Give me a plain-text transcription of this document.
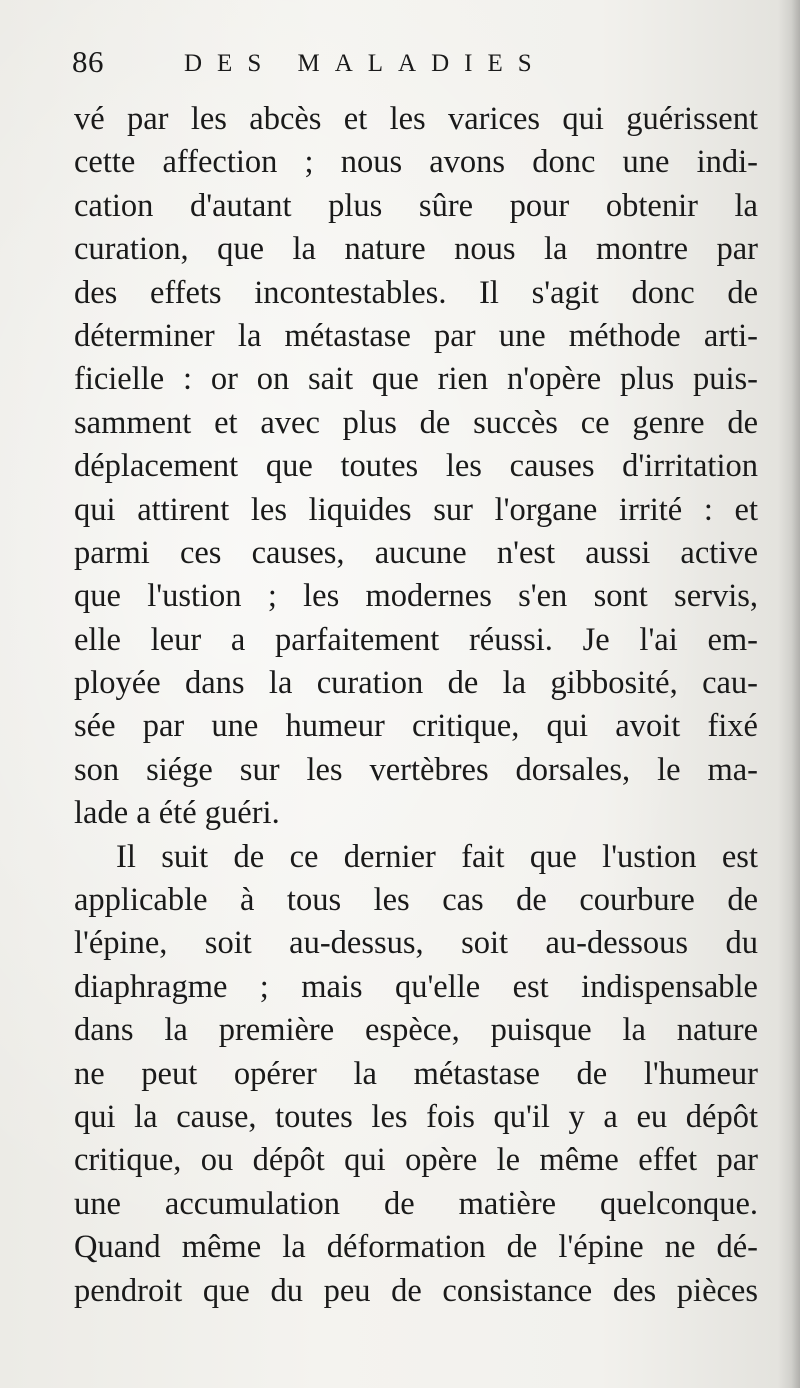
86	DES MALADIES
vé par les abcès et les varices qui guérissent
cette affection ; nous avons donc une indi-
cation d'autant plus sûre pour obtenir la
curation, que la nature nous la montre par
des effets incontestables. Il s'agit donc de
déterminer la métastase par une méthode arti-
ficielle : or on sait que rien n'opère plus puis-
samment et avec plus de succès ce genre de
déplacement que toutes les causes d'irritation
qui attirent les liquides sur l'organe irrité : et
parmi ces causes, aucune n'est aussi active
que l'ustion ; les modernes s'en sont servis,
elle leur a parfaitement réussi. Je l'ai em-
ployée dans la curation de la gibbosité, cau-
sée par une humeur critique, qui avoit fixé
son siége sur les vertèbres dorsales, le ma-
lade a été guéri.
Il suit de ce dernier fait que l'ustion est
applicable à tous les cas de courbure de
l'épine, soit au-dessus, soit au-dessous du
diaphragme ; mais qu'elle est indispensable
dans la première espèce, puisque la nature
ne peut opérer la métastase de l'humeur
qui la cause, toutes les fois qu'il y a eu dépôt
critique, ou dépôt qui opère le même effet par
une accumulation de matière quelconque.
Quand même la déformation de l'épine ne dé-
pendroit que du peu de consistance des pièces
